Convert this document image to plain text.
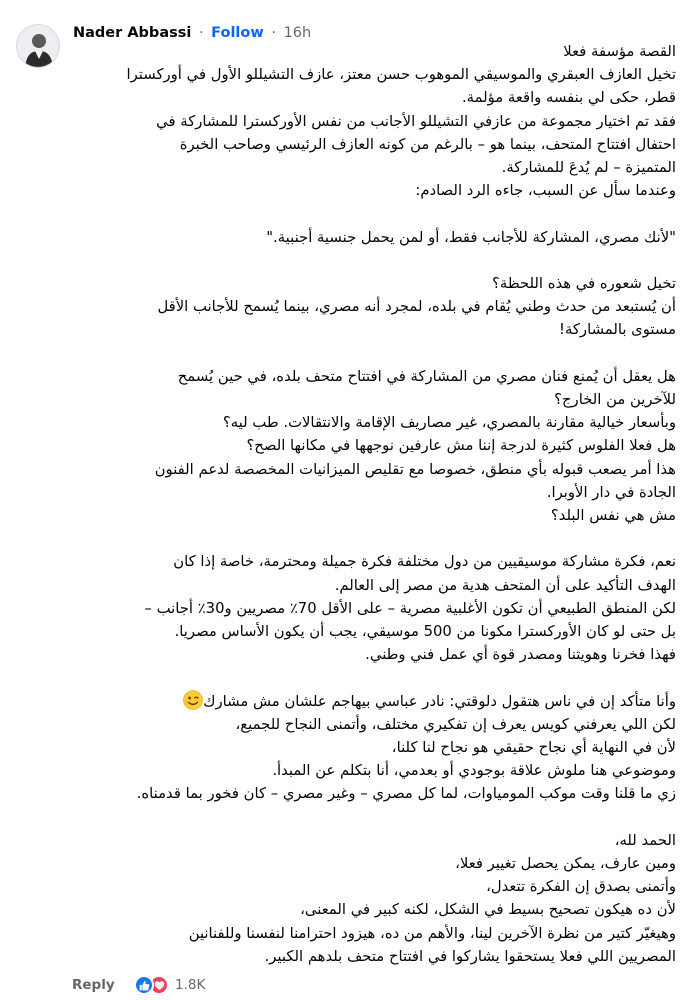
Nader Abbassi · Follow · 16h
القصة مؤسفة فعلا
تخيل العازف العبقري والموسيقي الموهوب حسن معتز، عازف التشيللو الأول في أوركسترا
قطر، حكى لي بنفسه واقعة مؤلمة.
فقد تم اختيار مجموعة من عازفي التشيللو الأجانب من نفس الأوركسترا للمشاركة في
احتفال افتتاح المتحف، بينما هو – بالرغم من كونه العازف الرئيسي وصاحب الخبرة
المتميزة – لم يُدعَ للمشاركة.
وعندما سأل عن السبب، جاءه الرد الصادم:
"لأنك مصري، المشاركة للأجانب فقط، أو لمن يحمل جنسية أجنبية."
تخيل شعوره في هذه اللحظة؟
أن يُستبعد من حدث وطني يُقام في بلده، لمجرد أنه مصري، بينما يُسمح للأجانب الأقل
مستوى بالمشاركة!
هل يعقل أن يُمنع فنان مصري من المشاركة في افتتاح متحف بلده، في حين يُسمح
للآخرين من الخارج؟
وبأسعار خيالية مقارنة بالمصري، غير مصاريف الإقامة والانتقالات. طب ليه؟
هل فعلا الفلوس كثيرة لدرجة إننا مش عارفين نوجهها في مكانها الصح؟
هذا أمر يصعب قبوله بأي منطق، خصوصا مع تقليص الميزانيات المخصصة لدعم الفنون
الجادة في دار الأوبرا.
مش هي نفس البلد؟
نعم، فكرة مشاركة موسيقيين من دول مختلفة فكرة جميلة ومحترمة، خاصة إذا كان
الهدف التأكيد على أن المتحف هدية من مصر إلى العالم.
لكن المنطق الطبيعي أن تكون الأغلبية مصرية – على الأقل 70٪ مصريين و30٪ أجانب –
بل حتى لو كان الأوركسترا مكونا من 500 موسيقي، يجب أن يكون الأساس مصريا.
فهذا فخرنا وهويتنا ومصدر قوة أي عمل فني وطني.
وأنا متأكد إن في ناس هتقول دلوقتي: نادر عباسي بيهاجم علشان مش مشارك
لكن اللي يعرفني كويس يعرف إن تفكيري مختلف، وأتمنى النجاح للجميع،
لأن في النهاية أي نجاح حقيقي هو نجاح لنا كلنا،
وموضوعي هنا ملوش علاقة بوجودي أو بعدمي، أنا بتكلم عن المبدأ.
زي ما قلنا وقت موكب المومياوات، لما كل مصري – وغير مصري – كان فخور بما قدمناه.
الحمد لله،
ومين عارف، يمكن يحصل تغيير فعلا،
وأتمنى بصدق إن الفكرة تتعدل،
لأن ده هيكون تصحيح بسيط في الشكل، لكنه كبير في المعنى،
وهيغيّر كتير من نظرة الآخرين لينا، والأهم من ده، هيزود احترامنا لنفسنا وللفنانين
المصريين اللي فعلا يستحقوا يشاركوا في افتتاح متحف بلدهم الكبير.
Reply	1.8K
